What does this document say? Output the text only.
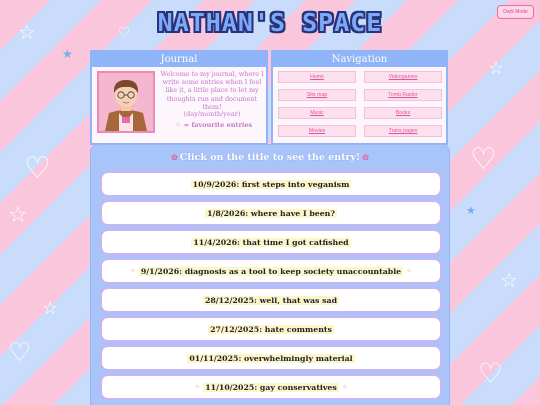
☆	♡
☆
♡
☆
♡
★
☆
♡
☆
♡
★
Dark Mode
NATHAN'S SPACE
Journal
Welcome to my journal, where I write some entries when I feel like it, a little place to let my thoughts run and document them!
(day/month/year)
✧ = favourite entries
Navigation
Home	Videogames
Site map	Tomb Raider
Music	Books
Movies	Trans pages
✿ Click on the title to see the entry! ✿
10/9/2026: first steps into veganism
1/8/2026: where have I been?
11/4/2026: that time I got catfished
✧ 9/1/2026: diagnosis as a tool to keep society unaccountable ✧
28/12/2025: well, that was sad
27/12/2025: hate comments
01/11/2025: overwhelmingly material
✧ 11/10/2025: gay conservatives ✧
